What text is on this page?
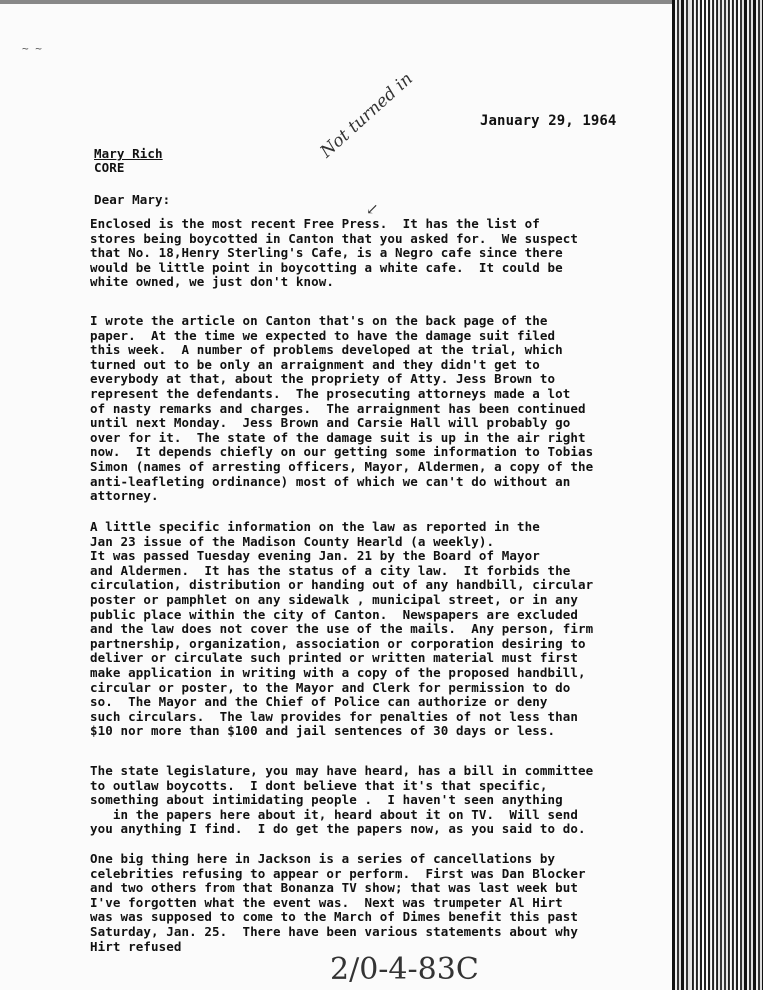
~ ~
January 29, 1964
Mary Rich
CORE
Not turned in
↙
Dear Mary:
Enclosed is the most recent Free Press.  It has the list of
stores being boycotted in Canton that you asked for.  We suspect
that No. 18,Henry Sterling's Cafe, is a Negro cafe since there
would be little point in boycotting a white cafe.  It could be
white owned, we just don't know.
I wrote the article on Canton that's on the back page of the
paper.  At the time we expected to have the damage suit filed
this week.  A number of problems developed at the trial, which
turned out to be only an arraignment and they didn't get to
everybody at that, about the propriety of Atty. Jess Brown to
represent the defendants.  The prosecuting attorneys made a lot
of nasty remarks and charges.  The arraignment has been continued
until next Monday.  Jess Brown and Carsie Hall will probably go
over for it.  The state of the damage suit is up in the air right
now.  It depends chiefly on our getting some information to Tobias
Simon (names of arresting officers, Mayor, Aldermen, a copy of the
anti-leafleting ordinance) most of which we can't do without an
attorney.
A little specific information on the law as reported in the
Jan 23 issue of the Madison County Hearld (a weekly).
It was passed Tuesday evening Jan. 21 by the Board of Mayor
and Aldermen.  It has the status of a city law.  It forbids the
circulation, distribution or handing out of any handbill, circular
poster or pamphlet on any sidewalk , municipal street, or in any
public place within the city of Canton.  Newspapers are excluded
and the law does not cover the use of the mails.  Any person, firm
partnership, organization, association or corporation desiring to
deliver or circulate such printed or written material must first
make application in writing with a copy of the proposed handbill,
circular or poster, to the Mayor and Clerk for permission to do
so.  The Mayor and the Chief of Police can authorize or deny
such circulars.  The law provides for penalties of not less than
$10 nor more than $100 and jail sentences of 30 days or less.
The state legislature, you may have heard, has a bill in committee
to outlaw boycotts.  I dont believe that it's that specific,
something about intimidating people .  I haven't seen anything
in the papers here about it, heard about it on TV.  Will send
you anything I find.  I do get the papers now, as you said to do.
One big thing here in Jackson is a series of cancellations by
celebrities refusing to appear or perform.  First was Dan Blocker
and two others from that Bonanza TV show; that was last week but
I've forgotten what the event was.  Next was trumpeter Al Hirt
was was supposed to come to the March of Dimes benefit this past
Saturday, Jan. 25.  There have been various statements about why
Hirt refused
2/0-4-83C
